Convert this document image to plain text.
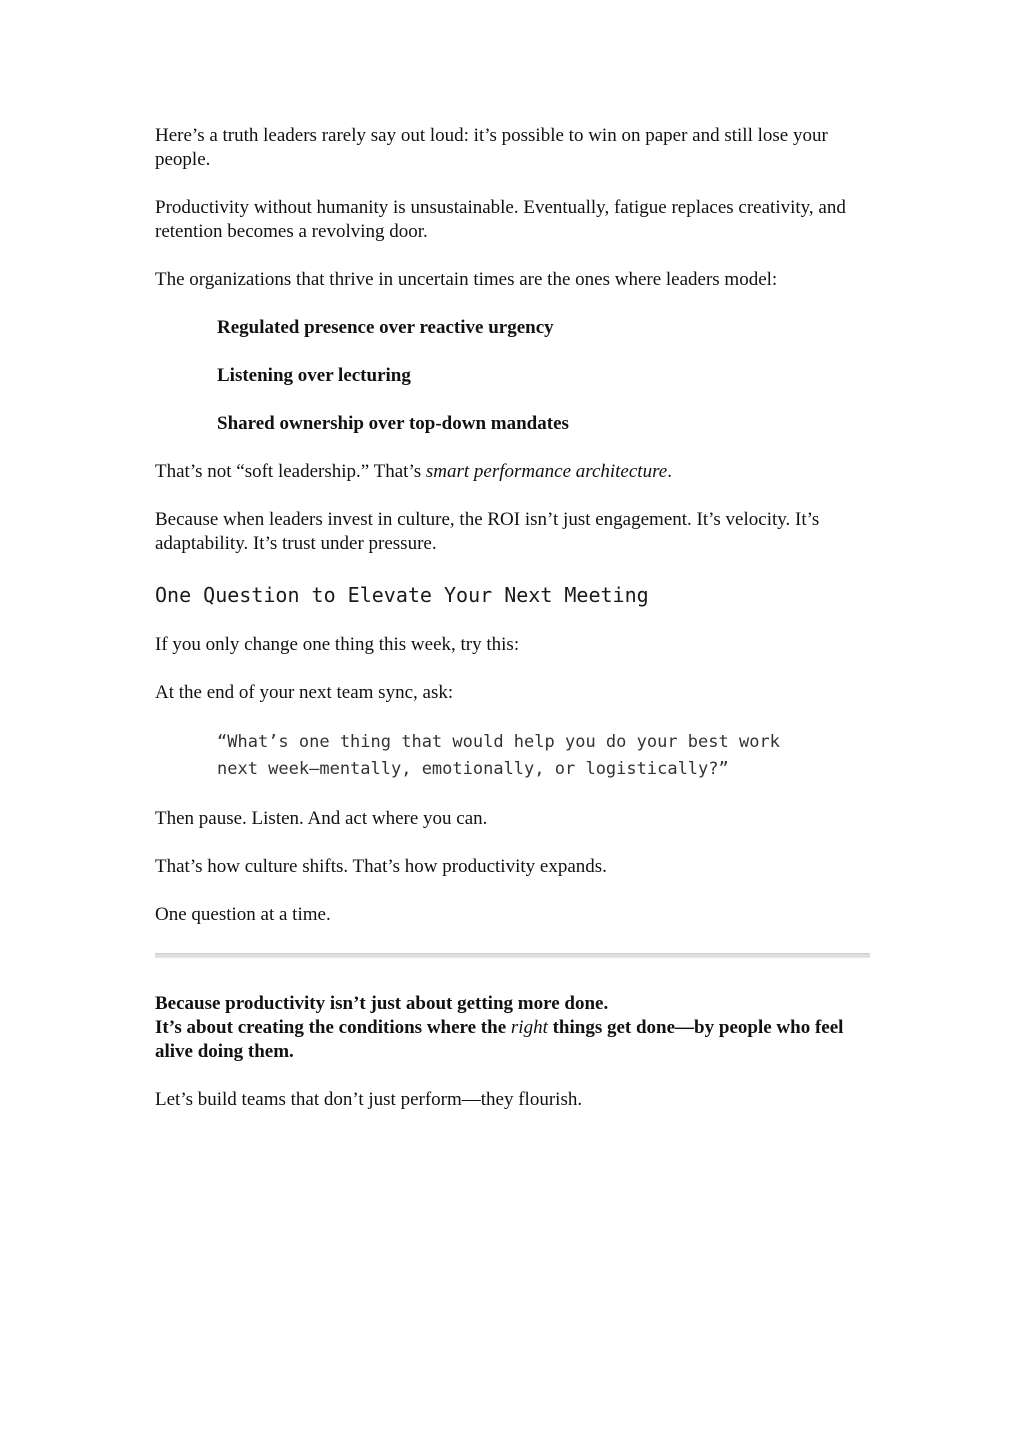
Here’s a truth leaders rarely say out loud: it’s possible to win on paper and still lose your people.

Productivity without humanity is unsustainable. Eventually, fatigue replaces creativity, and retention becomes a revolving door.

The organizations that thrive in uncertain times are the ones where leaders model:

Regulated presence over reactive urgency
Listening over lecturing
Shared ownership over top-down mandates

That’s not “soft leadership.” That’s smart performance architecture.

Because when leaders invest in culture, the ROI isn’t just engagement. It’s velocity. It’s adaptability. It’s trust under pressure.

One Question to Elevate Your Next Meeting

If you only change one thing this week, try this:

At the end of your next team sync, ask:

“What’s one thing that would help you do your best work next week—mentally, emotionally, or logistically?”

Then pause. Listen. And act where you can.

That’s how culture shifts. That’s how productivity expands.

One question at a time.

Because productivity isn’t just about getting more done.
It’s about creating the conditions where the right things get done—by people who feel alive doing them.

Let’s build teams that don’t just perform—they flourish.
